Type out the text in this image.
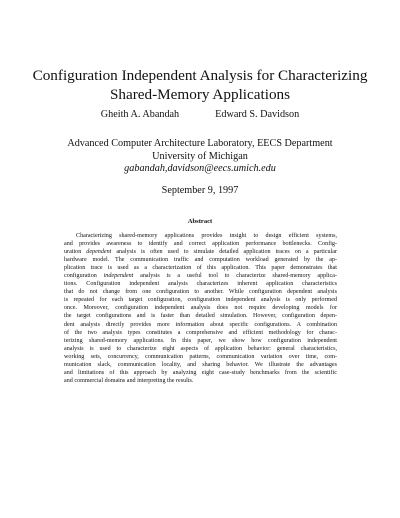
Configuration Independent Analysis for Characterizing
Shared-Memory Applications
Gheith A. Abandah	Edward S. Davidson
Advanced Computer Architecture Laboratory, EECS Department
University of Michigan
gabandah,davidson@eecs.umich.edu
September 9, 1997
Abstract
Characterizing shared-memory applications provides insight to design efficient systems,
and provides awareness to identify and correct application performance bottlenecks. Config-
uration dependent analysis is often used to simulate detailed application traces on a particular
hardware model. The communication traffic and computation workload generated by the ap-
plication trace is used as a characterization of this application. This paper demonstrates that
configuration independent analysis is a useful tool to characterize shared-memory applica-
tions. Configuration independent analysis characterizes inherent application characteristics
that do not change from one configuration to another. While configuration dependent analysis
is repeated for each target configuration, configuration independent analysis is only performed
once. Moreover, configuration independent analysis does not require developing models for
the target configurations and is faster than detailed simulation. However, configuration depen-
dent analysis directly provides more information about specific configurations. A combination
of the two analysis types constitutes a comprehensive and efficient methodology for charac-
terizing shared-memory applications. In this paper, we show how configuration independent
analysis is used to characterize eight aspects of application behavior: general characteristics,
working sets, concurrency, communication patterns, communication variation over time, com-
munication slack, communication locality, and sharing behavior. We illustrate the advantages
and limitations of this approach by analyzing eight case-study benchmarks from the scientific
and commercial domains and interpreting the results.
